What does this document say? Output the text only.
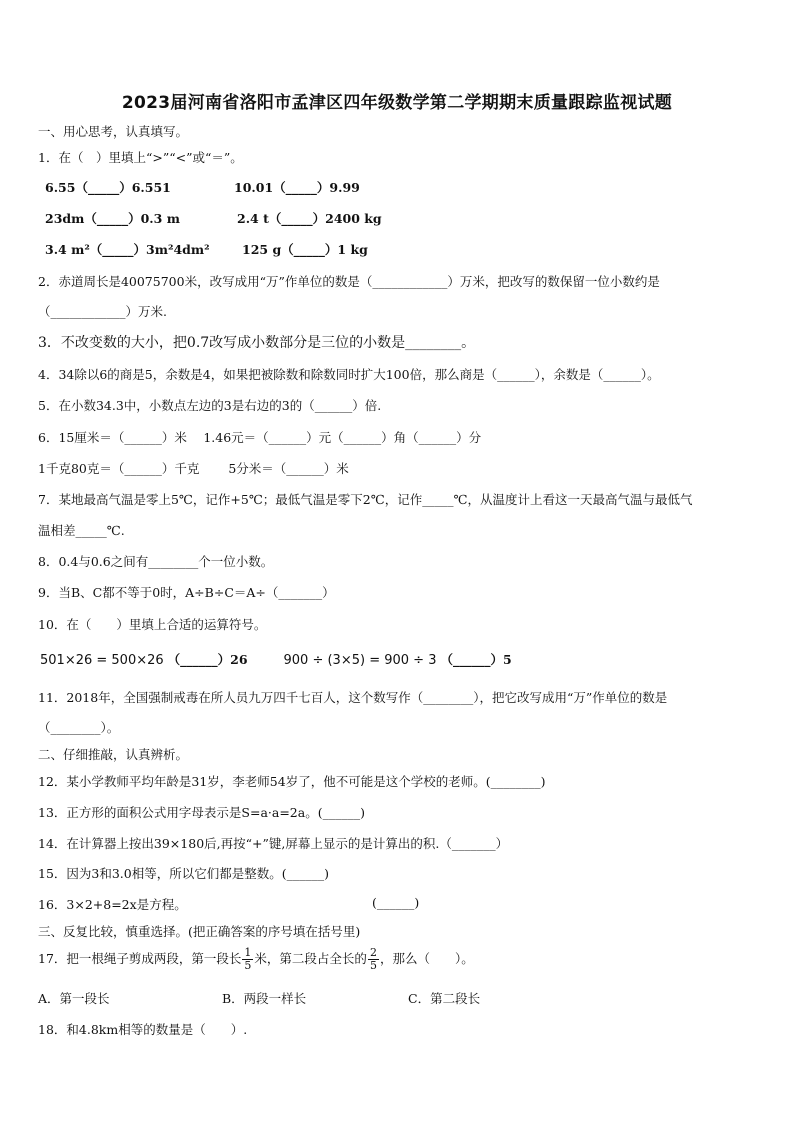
2023届河南省洛阳市孟津区四年级数学第二学期期末质量跟踪监视试题
一、用心思考，认真填写。
1．在（　）里填上“>”“<”或“＝”。
6.55（_____）6.551	10.01（_____）9.99
23dm（_____）0.3 m	2.4 t（_____）2400 kg
3.4 m²（_____）3m²4dm²	125 g（_____）1 kg
2．赤道周长是40075700米，改写成用“万”作单位的数是（____________）万米，把改写的数保留一位小数约是
（____________）万米.
3．不改变数的大小，把0.7改写成小数部分是三位的小数是________。
4．34除以6的商是5，余数是4，如果把被除数和除数同时扩大100倍，那么商是（______），余数是（______）。
5．在小数34.3中，小数点左边的3是右边的3的（______）倍.
6．15厘米＝（______）米　 1.46元＝（______）元（______）角（______）分
1千克80克＝（______）千克　 　5分米＝（______）米
7．某地最高气温是零上5℃，记作+5℃；最低气温是零下2℃，记作_____℃，从温度计上看这一天最高气温与最低气
温相差_____℃.
8．0.4与0.6之间有________个一位小数。
9．当B、C都不等于0时，A÷B÷C＝A÷（_______）
10．在（　　）里填上合适的运算符号。
501×26 = 500×26 （______）26	900 ÷ (3×5) = 900 ÷ 3 （______）5
11．2018年，全国强制戒毒在所人员九万四千七百人，这个数写作（________），把它改写成用“万”作单位的数是
（________）。
二、仔细推敲，认真辨析。
12．某小学教师平均年龄是31岁，李老师54岁了，他不可能是这个学校的老师。(________)
13．正方形的面积公式用字母表示是S=a·a=2a。(______)
14．在计算器上按出39×180后,再按“+”键,屏幕上显示的是计算出的积.（_______）
15．因为3和3.0相等，所以它们都是整数。(______)
16．3×2+8=2x是方程。	(______)
三、反复比较，慎重选择。(把正确答案的序号填在括号里)
17．把一根绳子剪成两段，第一段长 $\frac{1}{5}$ 米，第二段占全长的 $\frac{2}{5}$ ，那么（　　）。
A．第一段长	B．两段一样长	C．第二段长
18．和4.8km相等的数量是（　　）.
